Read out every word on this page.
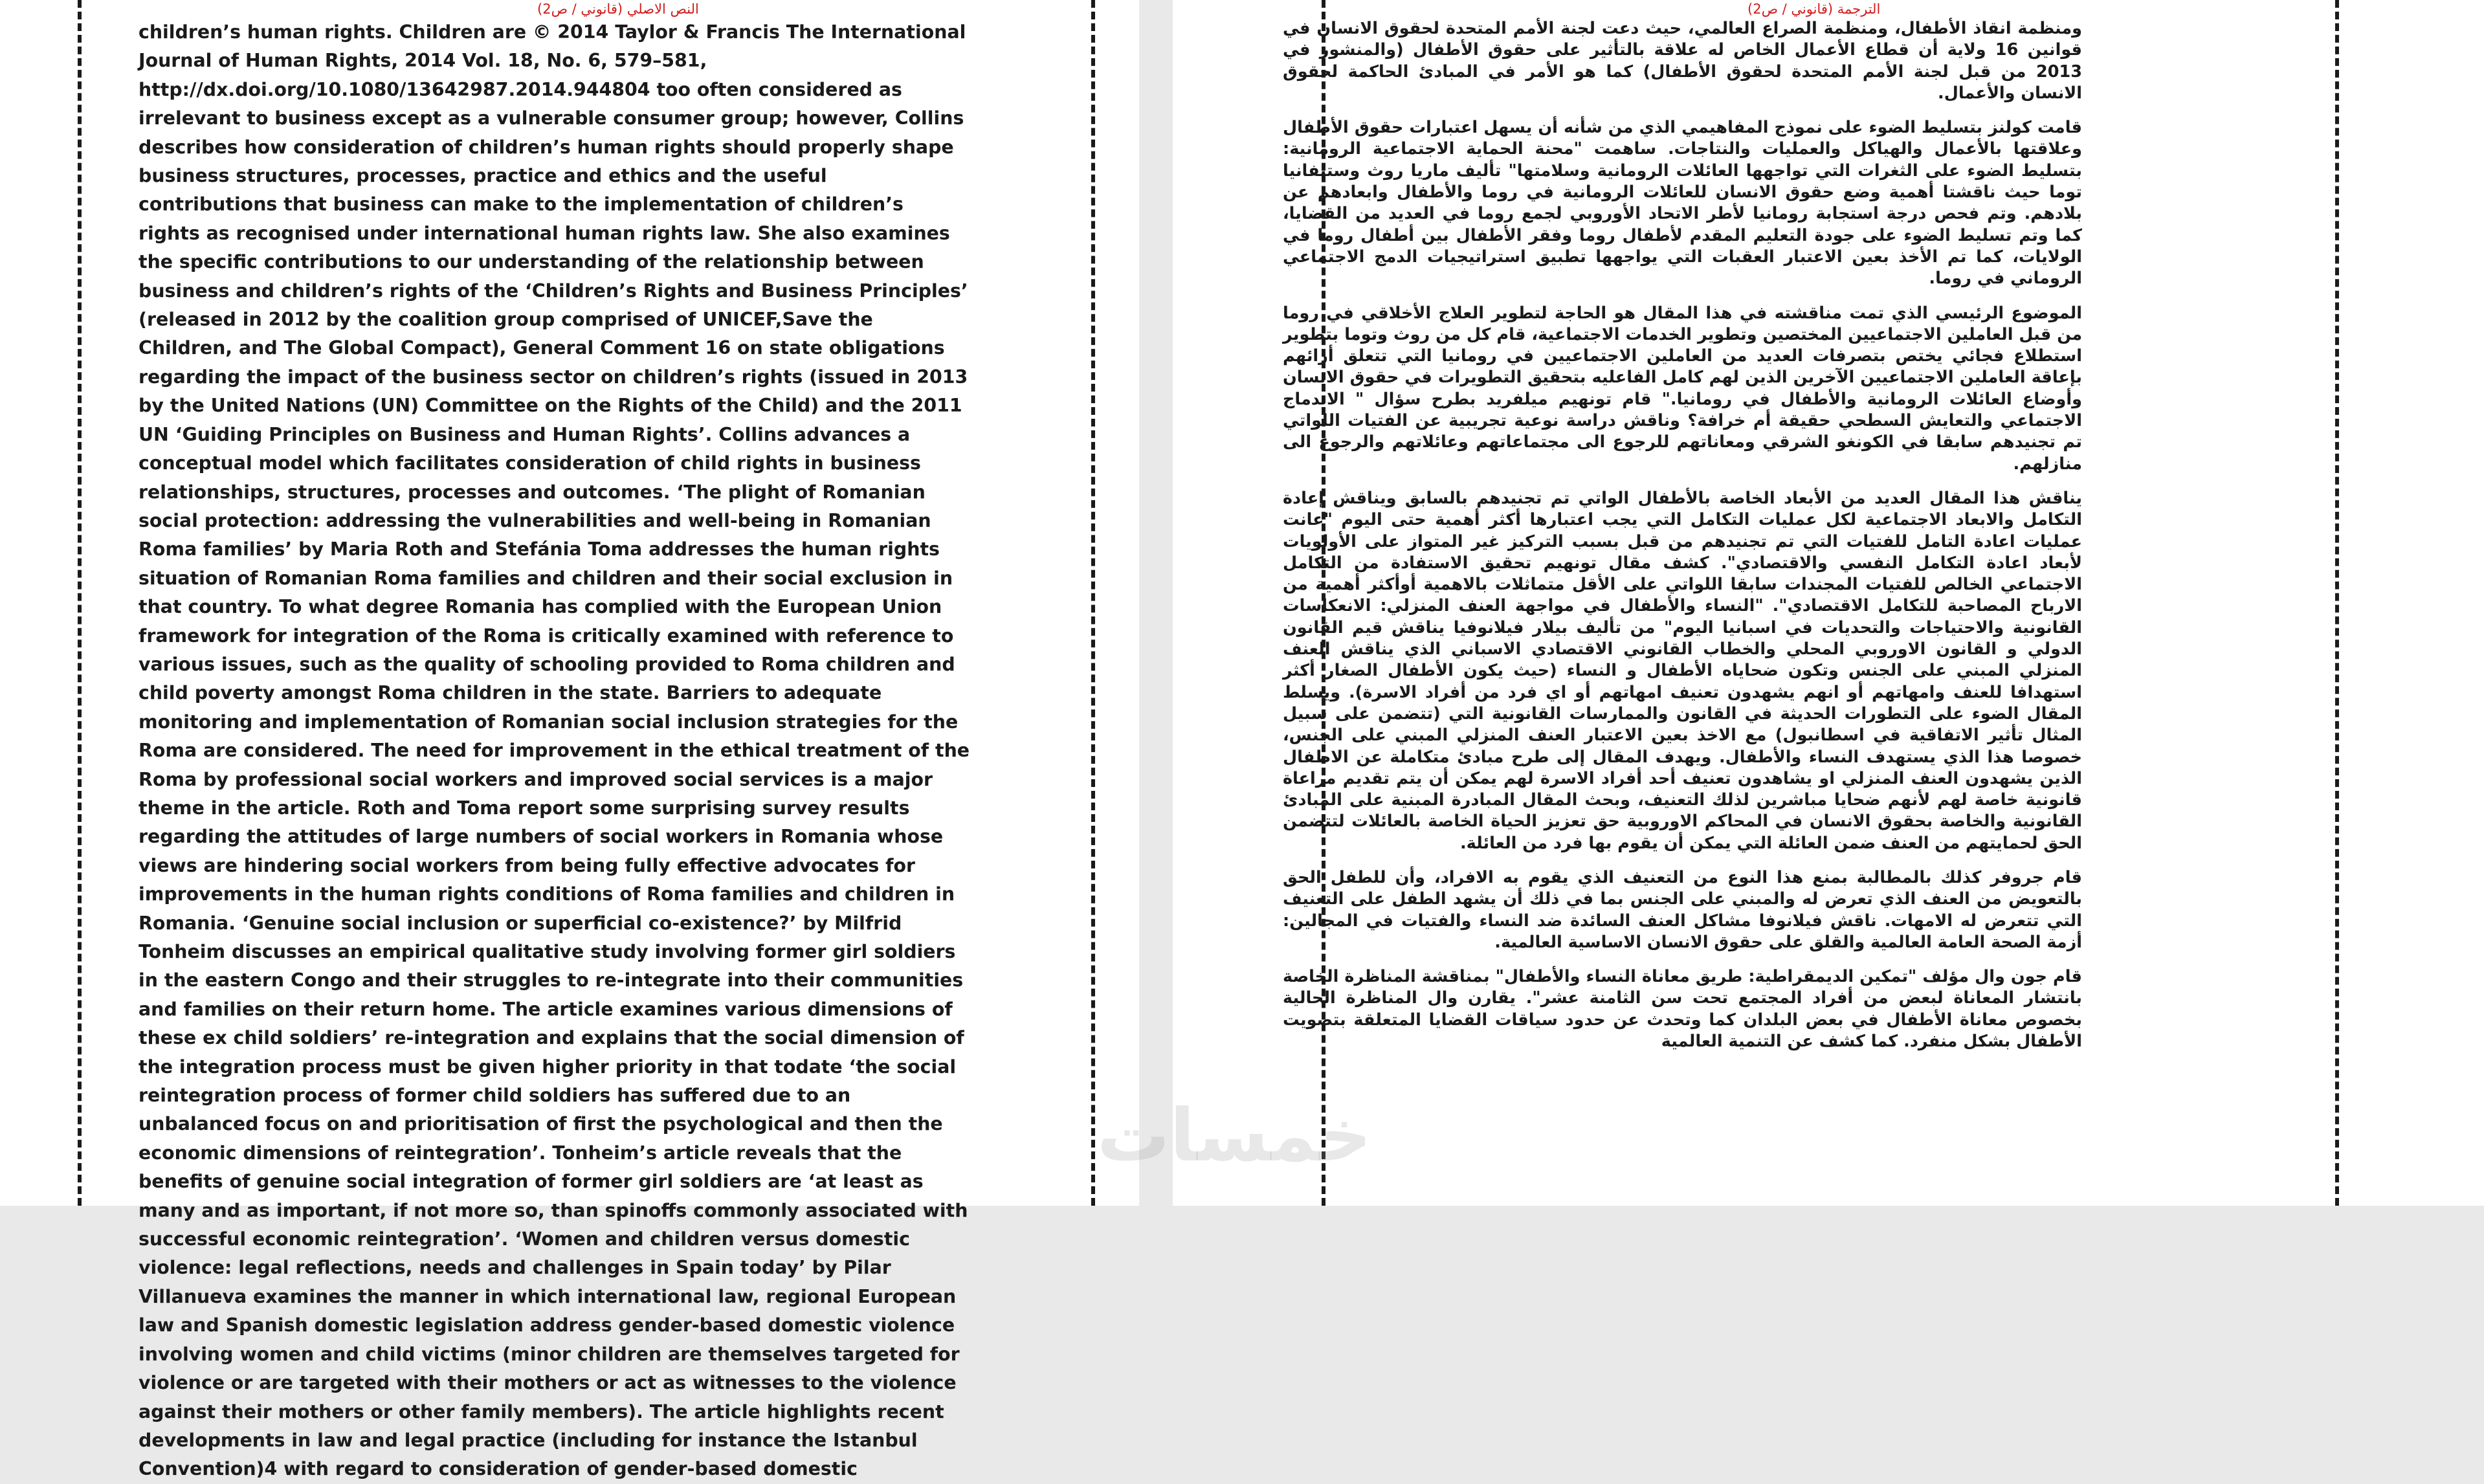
النص الاصلي (قانوني / ص2)

children’s human rights. Children are © 2014 Taylor & Francis The International Journal of Human Rights, 2014 Vol. 18, No. 6, 579–581, http://dx.doi.org/10.1080/13642987.2014.944804 too often considered as irrelevant to business except as a vulnerable consumer group; however, Collins describes how consideration of children’s human rights should properly shape business structures, processes, practice and ethics and the useful contributions that business can make to the implementation of children’s rights as recognised under international human rights law. She also examines the specific contributions to our understanding of the relationship between business and children’s rights of the ‘Children’s Rights and Business Principles’ (released in 2012 by the coalition group comprised of UNICEF,Save the Children, and The Global Compact), General Comment 16 on state obligations regarding the impact of the business sector on children’s rights (issued in 2013 by the United Nations (UN) Committee on the Rights of the Child) and the 2011 UN ‘Guiding Principles on Business and Human Rights’. Collins advances a conceptual model which facilitates consideration of child rights in business relationships, structures, processes and outcomes. ‘The plight of Romanian social protection: addressing the vulnerabilities and well-being in Romanian Roma families’ by Maria Roth and Stefánia Toma addresses the human rights situation of Romanian Roma families and children and their social exclusion in that country. To what degree Romania has complied with the European Union framework for integration of the Roma is critically examined with reference to various issues, such as the quality of schooling provided to Roma children and child poverty amongst Roma children in the state. Barriers to adequate monitoring and implementation of Romanian social inclusion strategies for the Roma are considered. The need for improvement in the ethical treatment of the Roma by professional social workers and improved social services is a major theme in the article. Roth and Toma report some surprising survey results regarding the attitudes of large numbers of social workers in Romania whose views are hindering social workers from being fully effective advocates for improvements in the human rights conditions of Roma families and children in Romania. ‘Genuine social inclusion or superficial co-existence?’ by Milfrid Tonheim discusses an empirical qualitative study involving former girl soldiers in the eastern Congo and their struggles to re-integrate into their communities and families on their return home. The article examines various dimensions of these ex child soldiers’ re-integration and explains that the social dimension of the integration process must be given higher priority in that todate ‘the social reintegration process of former child soldiers has suffered due to an unbalanced focus on and prioritisation of first the psychological and then the economic dimensions of reintegration’. Tonheim’s article reveals that the benefits of genuine social integration of former girl soldiers are ‘at least as many and as important, if not more so, than spinoffs commonly associated with successful economic reintegration’. ‘Women and children versus domestic violence: legal reflections, needs and challenges in Spain today’ by Pilar Villanueva examines the manner in which international law, regional European law and Spanish domestic legislation address gender-based domestic violence involving women and child victims (minor children are themselves targeted for violence or are targeted with their mothers or act as witnesses to the violence against their mothers or other family members). The article highlights recent developments in law and legal practice (including for instance the Istanbul Convention)4 with regard to consideration of gender-based domestic

الترجمة (قانوني / ص2)

ومنظمة انقاذ الأطفال، ومنظمة الصراع العالمي، حيث دعت لجنة الأمم المتحدة لحقوق الانسان في قوانين 16 ولاية أن قطاع الأعمال الخاص له علاقة بالتأثير على حقوق الأطفال (والمنشور في 2013 من قبل لجنة الأمم المتحدة لحقوق الأطفال) كما هو الأمر في المبادئ الحاكمة لحقوق الانسان والأعمال.

قامت كولنز بتسليط الضوء على نموذج المفاهيمي الذي من شأنه أن يسهل اعتبارات حقوق الأطفال وعلاقتها بالأعمال والهياكل والعمليات والنتاجات. ساهمت "محنة الحماية الاجتماعية الرومانية: بتسليط الضوء على الثغرات التي تواجهها العائلات الرومانية وسلامتها" تأليف ماريا روث وستيفانيا توما حيث ناقشتا أهمية وضع حقوق الانسان للعائلات الرومانية في روما والأطفال وابعادهم عن بلادهم. وتم فحص درجة استجابة رومانيا لأطر الاتحاد الأوروبي لجمع روما في العديد من القضايا، كما وتم تسليط الضوء على جودة التعليم المقدم لأطفال روما وفقر الأطفال بين أطفال روما في الولايات، كما تم الأخذ بعين الاعتبار العقبات التي يواجهها تطبيق استراتيجيات الدمج الاجتماعي الروماني في روما.

الموضوع الرئيسي الذي تمت مناقشته في هذا المقال هو الحاجة لتطوير العلاج الأخلاقي في روما من قبل العاملين الاجتماعيين المختصين وتطوير الخدمات الاجتماعية، قام كل من روث وتوما بتطوير استطلاع فجائي يختص بتصرفات العديد من العاملين الاجتماعيين في رومانيا التي تتعلق أرائهم بإعاقة العاملين الاجتماعيين الآخرين الذين لهم كامل الفاعليه بتحقيق التطويرات في حقوق الانسان وأوضاع العائلات الرومانية والأطفال في رومانيا." قام تونهيم ميلفريد بطرح سؤال " الاندماج الاجتماعي والتعايش السطحي حقيقة أم خرافة؟ وناقش دراسة نوعية تجريبية عن الفتيات اللواتي تم تجنيدهم سابقا في الكونغو الشرقي ومعاناتهم للرجوع الى مجتماعاتهم وعائلاتهم والرجوع الى منازلهم.

يناقش هذا المقال العديد من الأبعاد الخاصة بالأطفال الواتي تم تجنيدهم بالسابق ويناقش إعادة التكامل والابعاد الاجتماعية لكل عمليات التكامل التي يجب اعتبارها أكثر أهمية حتى اليوم "عانت عمليات اعادة التامل للفتيات التي تم تجنيدهم من قبل بسبب التركيز غير المتواز على الأولويات لأبعاد اعادة التكامل النفسي والاقتصادي". كشف مقال تونهيم تحقيق الاستفادة من التكامل الاجتماعي الخالص للفتيات المجندات سابقا اللواتي على الأقل متماثلات بالاهمية أوأكثر أهمية من الارباح المصاحبة للتكامل الاقتصادي". "النساء والأطفال في مواجهة العنف المنزلي: الانعكاسات القانونية والاحتياجات والتحديات في اسبانيا اليوم" من تأليف بيلار فيلانوفيا يناقش قيم القانون الدولي و القانون الاوروبي المحلي والخطاب القانوني الاقتصادي الاسباني الذي يناقش العنف المنزلي المبني على الجنس وتكون ضحاياه الأطفال و النساء (حيث يكون الأطفال الصغار أكثر استهدافا للعنف وامهاتهم أو انهم يشهدون تعنيف امهاتهم أو اي فرد من أفراد الاسرة). ويسلط المقال الضوء على التطورات الحديثة في القانون والممارسات القانونية التي (تتضمن على سبيل المثال تأثير الاتفاقية في اسطانبول) مع الاخذ بعين الاعتبار العنف المنزلي المبني على الجنس، خصوصا هذا الذي يستهدف النساء والأطفال. ويهدف المقال إلى طرح مبادئ متكاملة عن الاطفال الذين يشهدون العنف المنزلي او يشاهدون تعنيف أحد أفراد الاسرة لهم يمكن أن يتم تقديم مراعاة قانونية خاصة لهم لأنهم ضحايا مباشرين لذلك التعنيف، وبحث المقال المبادرة المبنية على المبادئ القانونية والخاصة بحقوق الانسان في المحاكم الاوروبية حق تعزيز الحياة الخاصة بالعائلات لتتضمن الحق لحمايتهم من العنف ضمن العائلة التي يمكن أن يقوم بها فرد من العائلة.

قام جروفر كذلك بالمطالبة بمنع هذا النوع من التعنيف الذي يقوم به الافراد، وأن للطفل الحق بالتعويض من العنف الذي تعرض له والمبني على الجنس بما في ذلك أن يشهد الطفل على التعنيف التي تتعرض له الامهات. ناقش فيلانوفا مشاكل العنف السائدة ضد النساء والفتيات في المجالين: أزمة الصحة العامة العالمية والقلق على حقوق الانسان الاساسية العالمية.

قام جون وال مؤلف "تمكين الديمقراطية: طريق معاناة النساء والأطفال" بمناقشة المناظرة الخاصة بانتشار المعاناة لبعض من أفراد المجتمع تحت سن الثامنة عشر". يقارن وال المناظرة الحالية بخصوص معاناة الأطفال في بعض البلدان كما وتحدث عن حدود سياقات القضايا المتعلقة بتصويت الأطفال بشكل منفرد. كما كشف عن التنمية العالمية

خمسات
